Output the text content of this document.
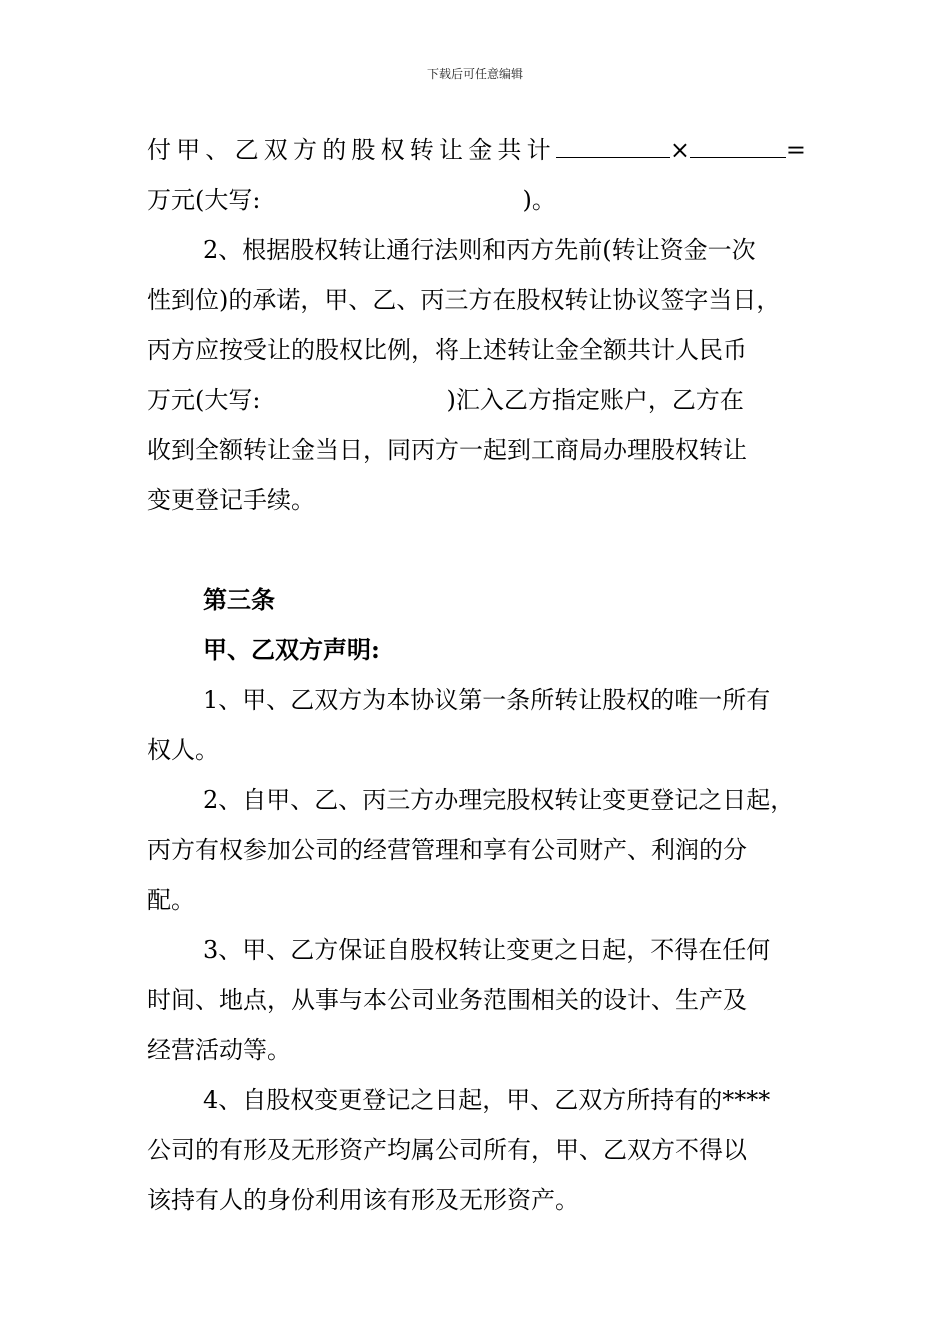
下载后可任意编辑
付甲、乙双方的股权转让金共计	×	=
万元(大写:	)。
2、根据股权转让通行法则和丙方先前(转让资金一次
性到位)的承诺，甲、乙、丙三方在股权转让协议签字当日，
丙方应按受让的股权比例，将上述转让金全额共计人民币
万元(大写:	)汇入乙方指定账户，乙方在
收到全额转让金当日，同丙方一起到工商局办理股权转让
变更登记手续。
第三条
甲、乙双方声明:
1、甲、乙双方为本协议第一条所转让股权的唯一所有
权人。
2、自甲、乙、丙三方办理完股权转让变更登记之日起，
丙方有权参加公司的经营管理和享有公司财产、利润的分
配。
3、甲、乙方保证自股权转让变更之日起，不得在任何
时间、地点，从事与本公司业务范围相关的设计、生产及
经营活动等。
4、自股权变更登记之日起，甲、乙双方所持有的****
公司的有形及无形资产均属公司所有，甲、乙双方不得以
该持有人的身份利用该有形及无形资产。
